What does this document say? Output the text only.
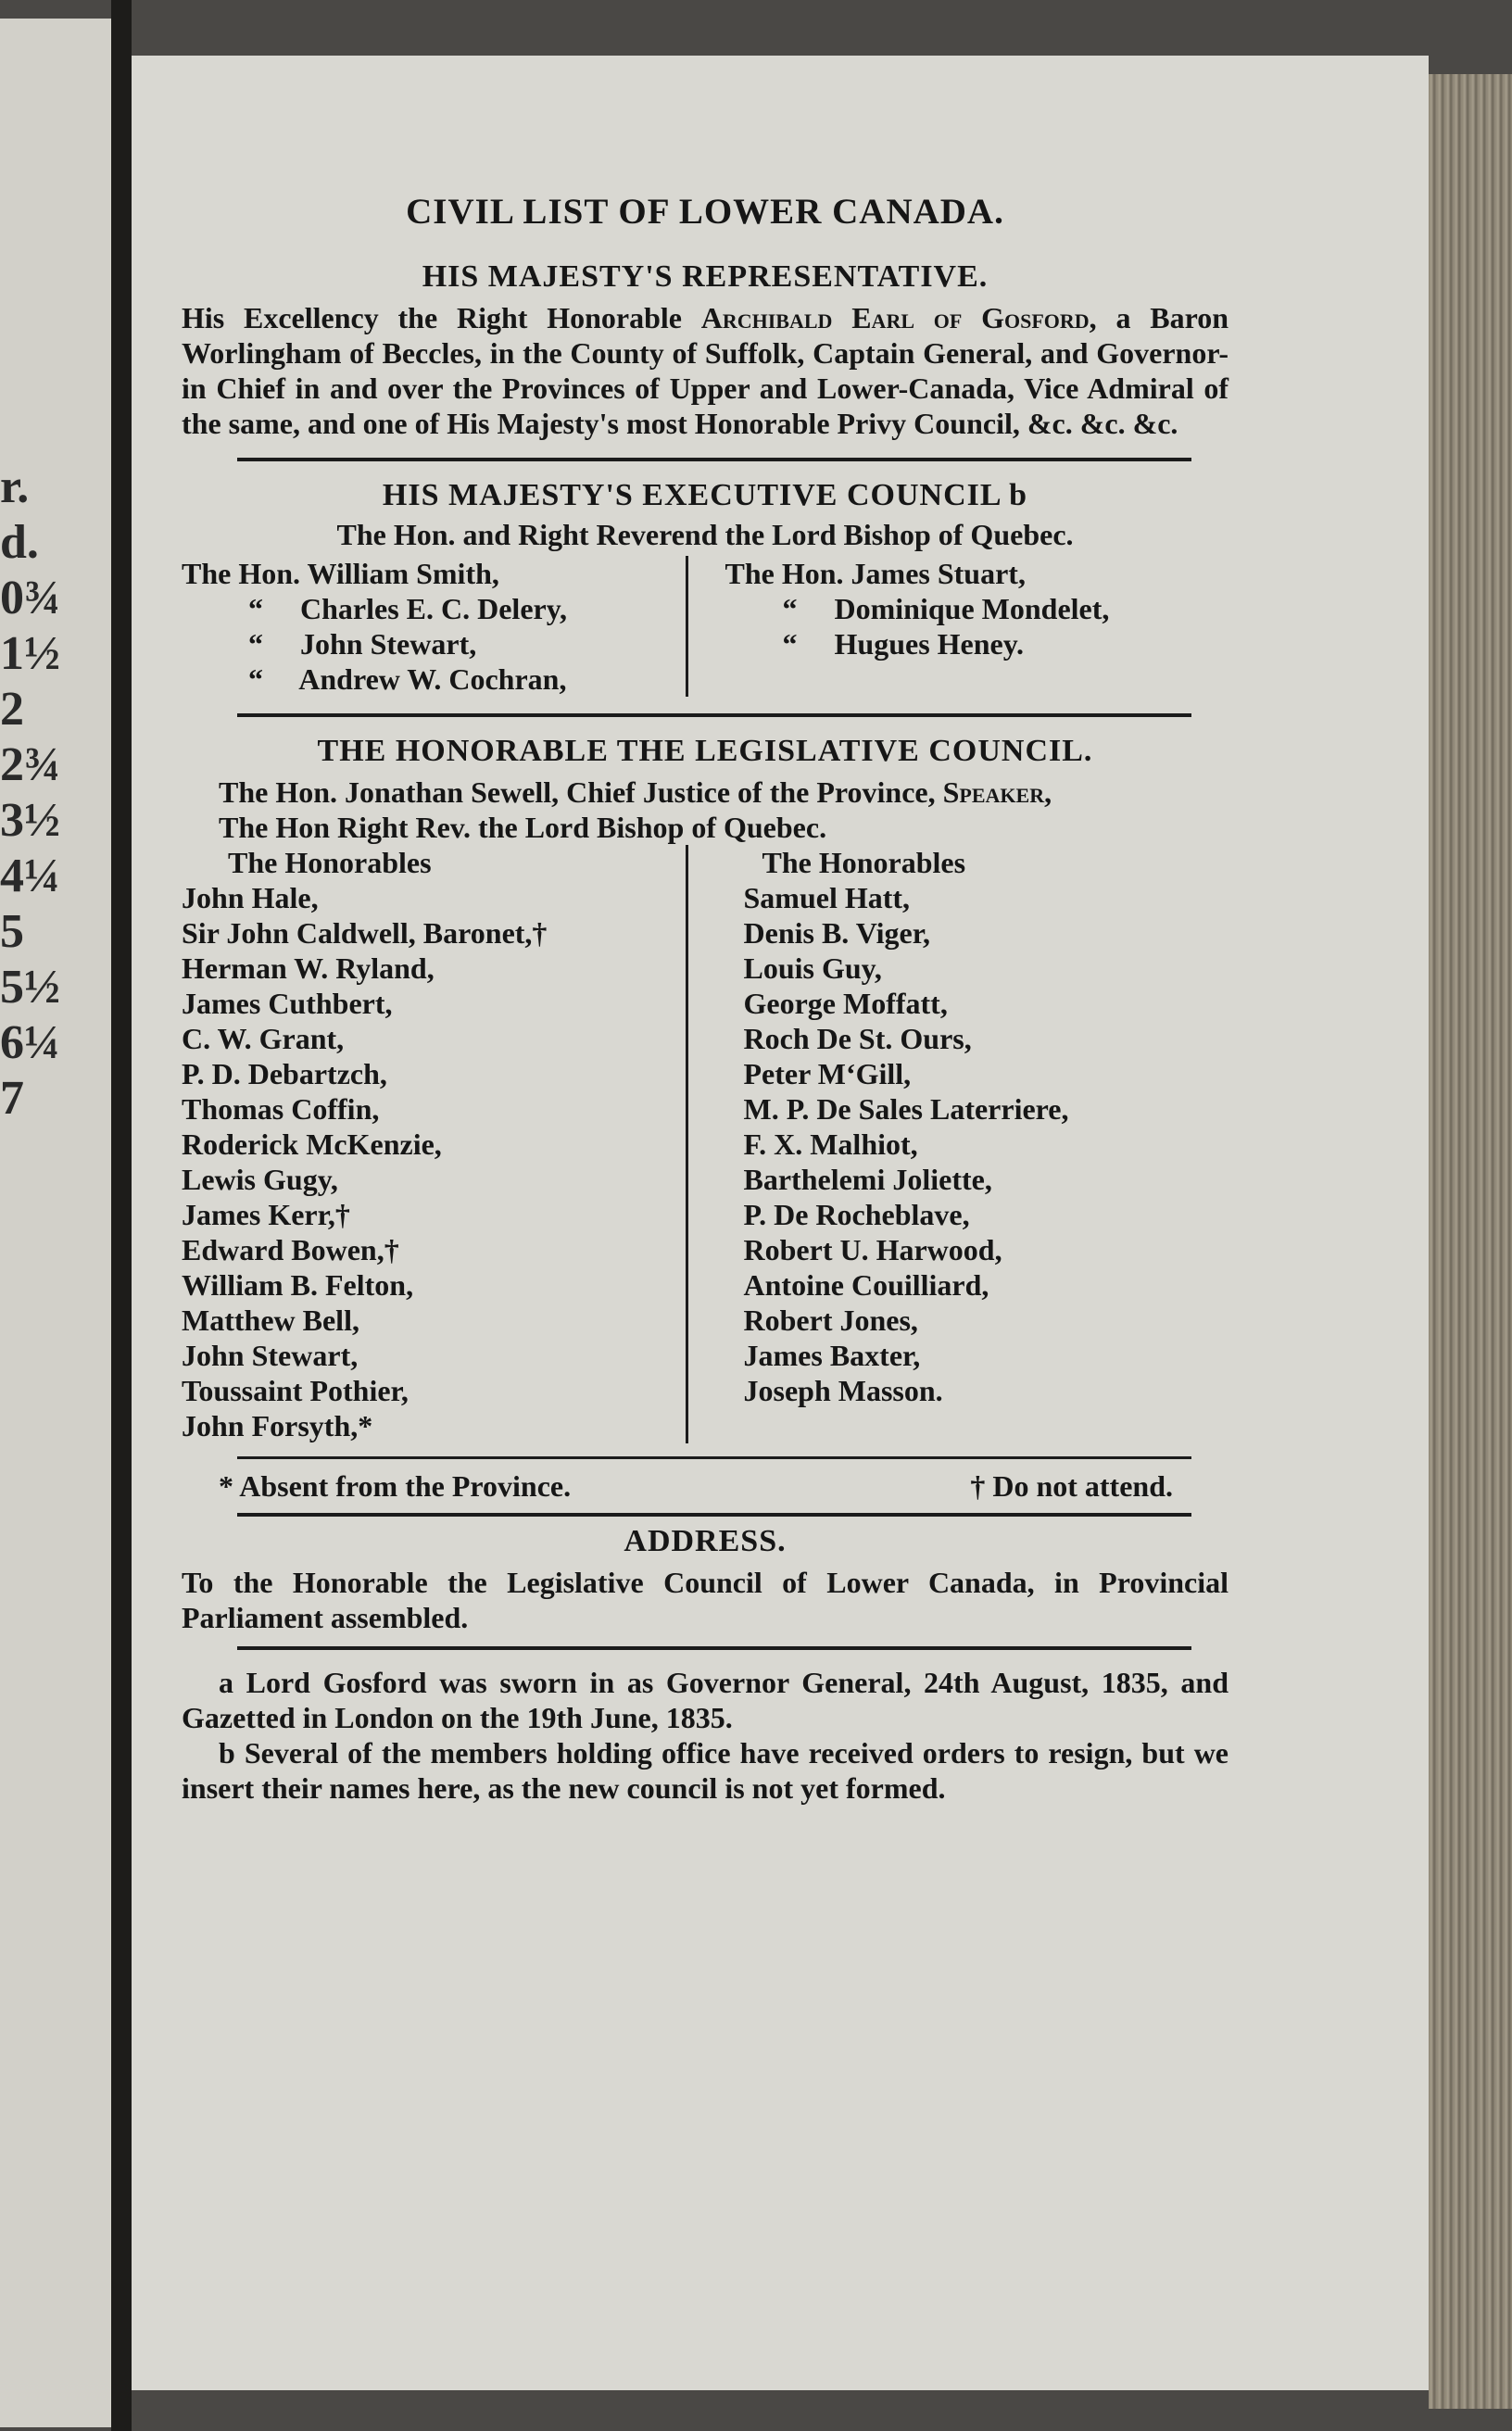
r.
d.
0¾
1½
2
2¾
3½
4¼
5
5½
6¼
7
CIVIL LIST OF LOWER CANADA.

HIS MAJESTY'S REPRESENTATIVE.

His Excellency the Right Honorable Archibald Earl of Gosford, a Baron Worlingham of Beccles, in the County of Suffolk, Captain General, and Governor-in Chief in and over the Provinces of Upper and Lower-Canada, Vice Admiral of the same, and one of His Majesty's most Honorable Privy Council, &c. &c. &c.

HIS MAJESTY'S EXECUTIVE COUNCIL b

The Hon. and Right Reverend the Lord Bishop of Quebec.

The Hon. William Smith,
“ Charles E. C. Delery,
“ John Stewart,
“ Andrew W. Cochran,
The Hon. James Stuart,
“ Dominique Mondelet,
“ Hugues Heney.

THE HONORABLE THE LEGISLATIVE COUNCIL.

The Hon. Jonathan Sewell, Chief Justice of the Province, Speaker,

The Hon Right Rev. the Lord Bishop of Quebec.

The Honorables
John Hale,
Sir John Caldwell, Baronet,†
Herman W. Ryland,
James Cuthbert,
C. W. Grant,
P. D. Debartzch,
Thomas Coffin,
Roderick McKenzie,
Lewis Gugy,
James Kerr,†
Edward Bowen,†
William B. Felton,
Matthew Bell,
John Stewart,
Toussaint Pothier,
John Forsyth,*
The Honorables
Samuel Hatt,
Denis B. Viger,
Louis Guy,
George Moffatt,
Roch De St. Ours,
Peter M‘Gill,
M. P. De Sales Laterriere,
F. X. Malhiot,
Barthelemi Joliette,
P. De Rocheblave,
Robert U. Harwood,
Antoine Couilliard,
Robert Jones,
James Baxter,
Joseph Masson.
* Absent from the Province.	† Do not attend.

ADDRESS.

To the Honorable the Legislative Council of Lower Canada, in Provincial Parliament assembled.

a Lord Gosford was sworn in as Governor General, 24th August, 1835, and Gazetted in London on the 19th June, 1835.

b Several of the members holding office have received orders to resign, but we insert their names here, as the new council is not yet formed.
